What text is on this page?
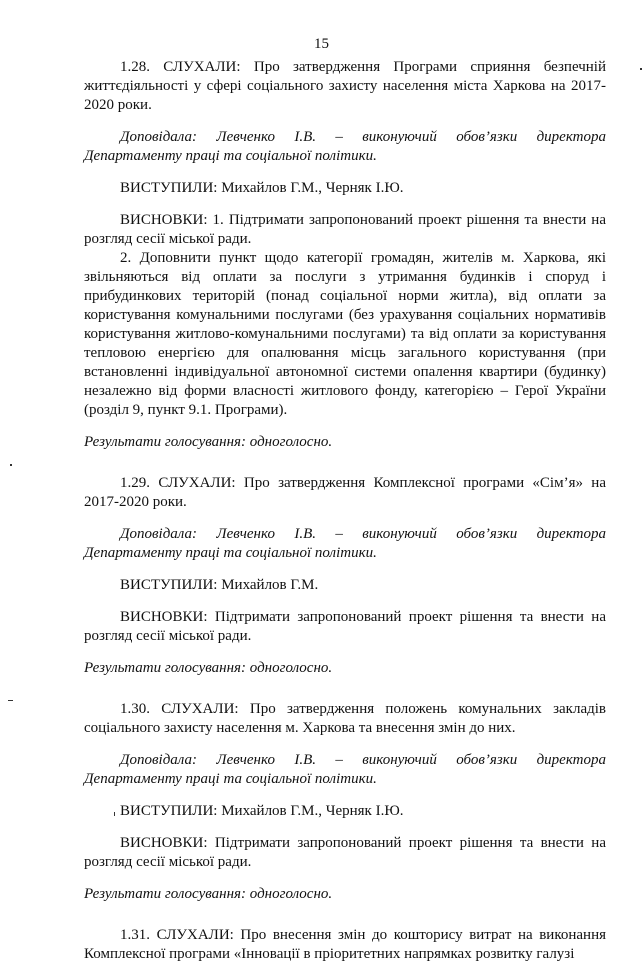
15

1.28. СЛУХАЛИ: Про затвердження Програми сприяння безпечній життєдіяльності у сфері соціального захисту населення міста Харкова на 2017-2020 роки.

Доповідала: Левченко І.В. – виконуючий обов’язки директора Департаменту праці та соціальної політики.

ВИСТУПИЛИ: Михайлов Г.М., Черняк І.Ю.

ВИСНОВКИ: 1. Підтримати запропонований проект рішення та внести на розгляд сесії міської ради.

2. Доповнити пункт щодо категорії громадян, жителів м. Харкова, які звільняються від оплати за послуги з утримання будинків і споруд і прибудинкових територій (понад соціальної норми житла), від оплати за користування комунальними послугами (без урахування соціальних нормативів користування житлово-комунальними послугами) та від оплати за користування тепловою енергією для опалювання місць загального користування (при встановленні індивідуальної автономної системи опалення квартири (будинку) незалежно від форми власності житлового фонду, категорією – Герої України (розділ 9, пункт 9.1. Програми).

Результати голосування: одноголосно.

1.29. СЛУХАЛИ: Про затвердження Комплексної програми «Сім’я» на 2017-2020 роки.

Доповідала: Левченко І.В. – виконуючий обов’язки директора Департаменту праці та соціальної політики.

ВИСТУПИЛИ: Михайлов Г.М.

ВИСНОВКИ: Підтримати запропонований проект рішення та внести на розгляд сесії міської ради.

Результати голосування: одноголосно.

1.30. СЛУХАЛИ: Про затвердження положень комунальних закладів соціального захисту населення м. Харкова та внесення змін до них.

Доповідала: Левченко І.В. – виконуючий обов’язки директора Департаменту праці та соціальної політики.

ВИСТУПИЛИ: Михайлов Г.М., Черняк І.Ю.

ВИСНОВКИ: Підтримати запропонований проект рішення та внести на розгляд сесії міської ради.

Результати голосування: одноголосно.

1.31. СЛУХАЛИ: Про внесення змін до кошторису витрат на виконання Комплексної програми «Інновації в пріоритетних напрямках розвитку галузі
